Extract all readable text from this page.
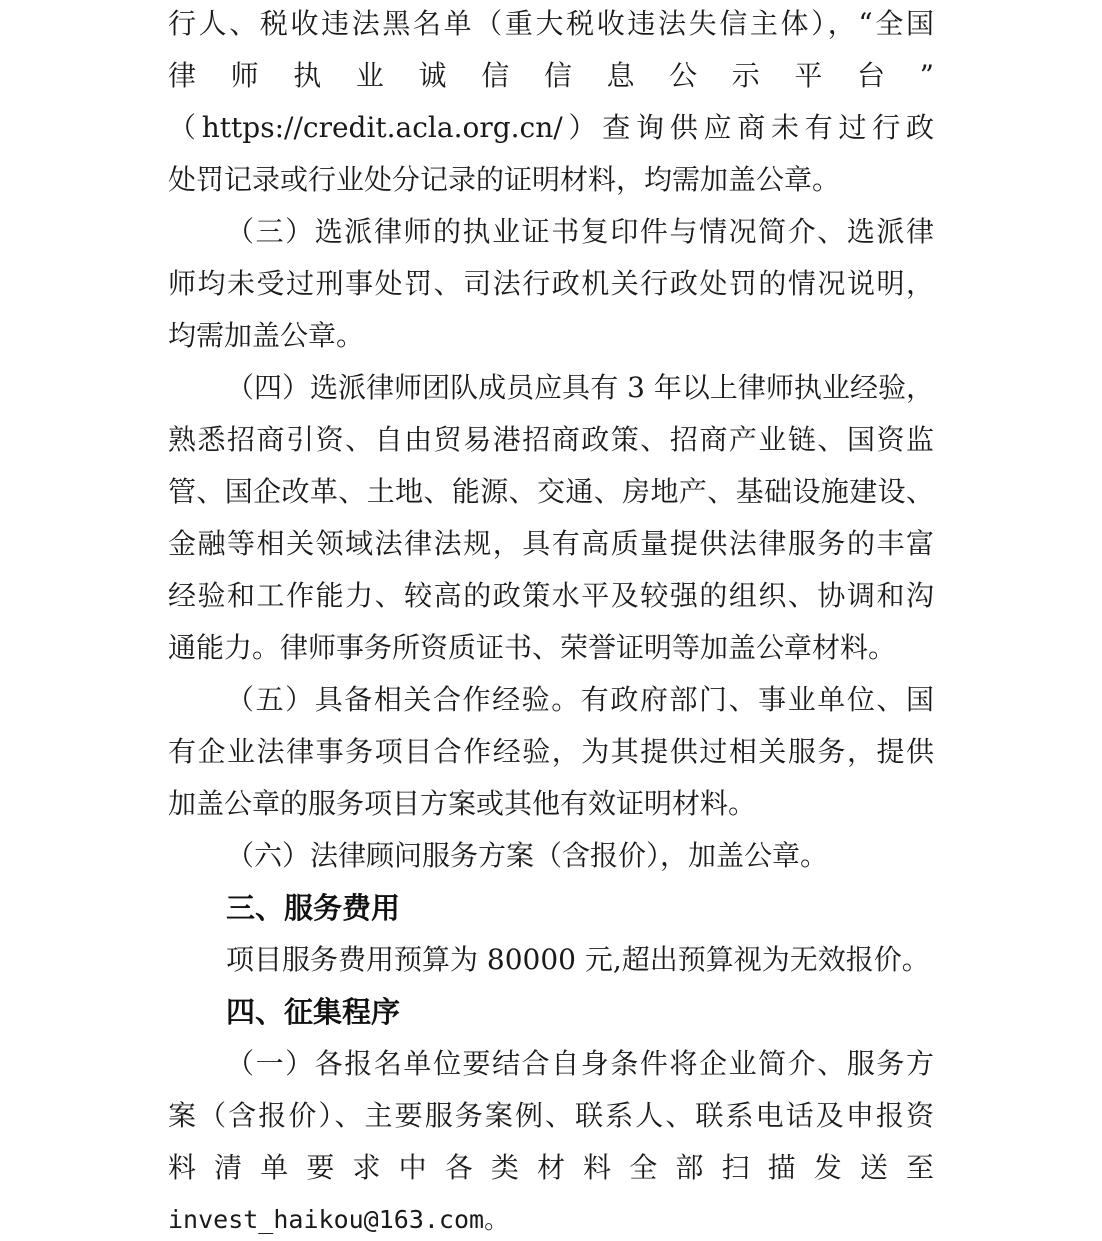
行人、税收违法黑名单（重大税收违法失信主体），“全国
律师执业诚信信息公示平台”
（https://credit.acla.org.cn/）查询供应商未有过行政
处罚记录或行业处分记录的证明材料，均需加盖公章。
（三）选派律师的执业证书复印件与情况简介、选派律
师均未受过刑事处罚、司法行政机关行政处罚的情况说明，
均需加盖公章。
（四）选派律师团队成员应具有 3 年以上律师执业经验，
熟悉招商引资、自由贸易港招商政策、招商产业链、国资监
管、国企改革、土地、能源、交通、房地产、基础设施建设、
金融等相关领域法律法规，具有高质量提供法律服务的丰富
经验和工作能力、较高的政策水平及较强的组织、协调和沟
通能力。律师事务所资质证书、荣誉证明等加盖公章材料。
（五）具备相关合作经验。有政府部门、事业单位、国
有企业法律事务项目合作经验，为其提供过相关服务，提供
加盖公章的服务项目方案或其他有效证明材料。
（六）法律顾问服务方案（含报价），加盖公章。
三、服务费用
项目服务费用预算为 80000 元,超出预算视为无效报价。
四、征集程序
（一）各报名单位要结合自身条件将企业简介、服务方
案（含报价）、主要服务案例、联系人、联系电话及申报资
料清单要求中各类材料全部扫描发送至
invest_haikou@163.com。
